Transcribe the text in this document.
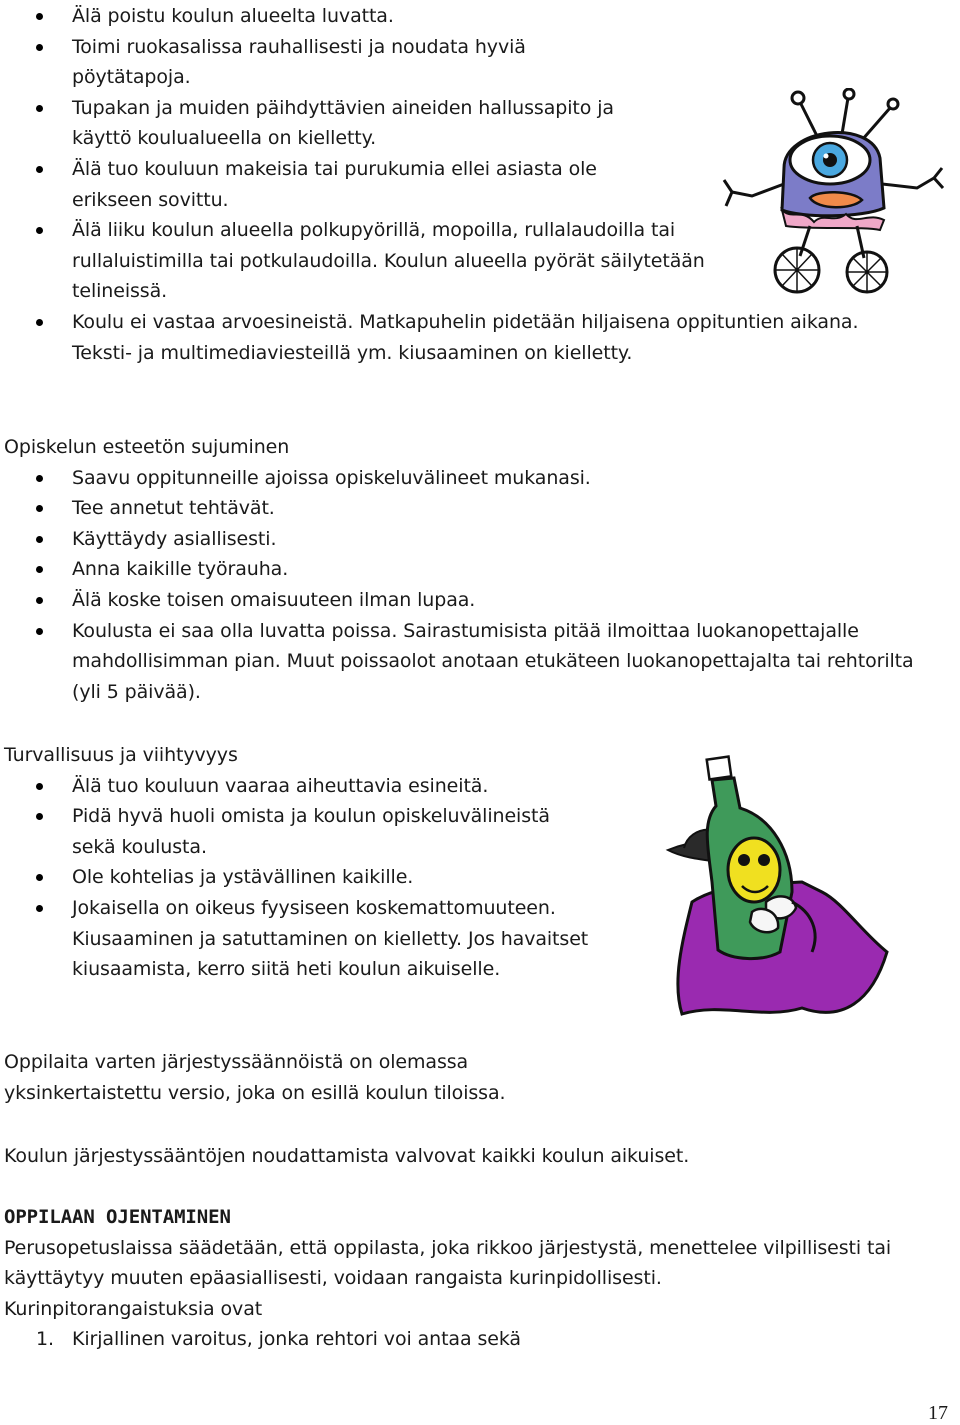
Älä poistu koulun alueelta luvatta.
Toimi ruokasalissa rauhallisesti ja noudata hyviä pöytätapoja.
Tupakan ja muiden päihdyttävien aineiden hallussapito ja käyttö koulualueella on kielletty.
Älä tuo kouluun makeisia tai purukumia ellei asiasta ole erikseen sovittu.
Älä liiku koulun alueella polkupyörillä, mopoilla, rullalaudoilla tai rullaluistimilla tai potkulaudoilla. Koulun alueella pyörät säilytetään telineissä.
Koulu ei vastaa arvoesineistä. Matkapuhelin pidetään hiljaisena oppituntien aikana. Teksti- ja multimediaviesteillä ym. kiusaaminen on kielletty.
Opiskelun esteetön sujuminen
Saavu oppitunneille ajoissa opiskeluvälineet mukanasi.
Tee annetut tehtävät.
Käyttäydy asiallisesti.
Anna kaikille työrauha.
Älä koske toisen omaisuuteen ilman lupaa.
Koulusta ei saa olla luvatta poissa. Sairastumisista pitää ilmoittaa luokanopettajalle mahdollisimman pian. Muut poissaolot anotaan etukäteen luokanopettajalta tai rehtorilta (yli 5 päivää).
Turvallisuus ja viihtyvyys
Älä tuo kouluun vaaraa aiheuttavia esineitä.
Pidä hyvä huoli omista ja koulun opiskeluvälineistä sekä koulusta.
Ole kohtelias ja ystävällinen kaikille.
Jokaisella on oikeus fyysiseen koskemattomuuteen. Kiusaaminen ja satuttaminen on kielletty. Jos havaitset kiusaamista, kerro siitä heti koulun aikuiselle.

Oppilaita varten järjestyssäännöistä on olemassa yksinkertaistettu versio, joka on esillä koulun tiloissa.

Koulun järjestyssääntöjen noudattamista valvovat kaikki koulun aikuiset.

OPPILAAN OJENTAMINEN

Perusopetuslaissa säädetään, että oppilasta, joka rikkoo järjestystä, menettelee vilpillisesti tai käyttäytyy muuten epäasiallisesti, voidaan rangaista kurinpidollisesti.

Kurinpitorangaistuksia ovat

1. Kirjallinen varoitus, jonka rehtori voi antaa sekä
17
